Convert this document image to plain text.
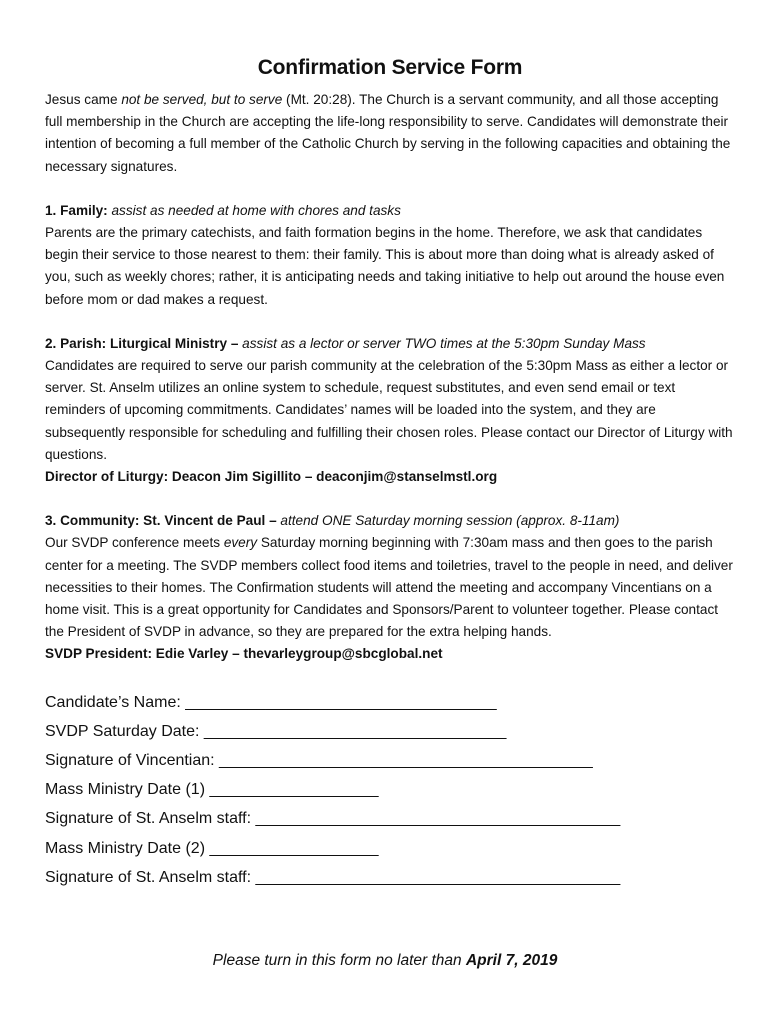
Confirmation Service Form

Jesus came not be served, but to serve (Mt. 20:28). The Church is a servant community, and all those accepting full membership in the Church are accepting the life-long responsibility to serve. Candidates will demonstrate their intention of becoming a full member of the Catholic Church by serving in the following capacities and obtaining the necessary signatures.

1. Family: assist as needed at home with chores and tasks

Parents are the primary catechists, and faith formation begins in the home. Therefore, we ask that candidates begin their service to those nearest to them: their family. This is about more than doing what is already asked of you, such as weekly chores; rather, it is anticipating needs and taking initiative to help out around the house even before mom or dad makes a request.

2. Parish: Liturgical Ministry – assist as a lector or server TWO times at the 5:30pm Sunday Mass

Candidates are required to serve our parish community at the celebration of the 5:30pm Mass as either a lector or server. St. Anselm utilizes an online system to schedule, request substitutes, and even send email or text reminders of upcoming commitments. Candidates’ names will be loaded into the system, and they are subsequently responsible for scheduling and fulfilling their chosen roles. Please contact our Director of Liturgy with questions.

Director of Liturgy: Deacon Jim Sigillito – deaconjim@stanselmstl.org

3. Community: St. Vincent de Paul – attend ONE Saturday morning session (approx. 8-11am)

Our SVDP conference meets every Saturday morning beginning with 7:30am mass and then goes to the parish center for a meeting. The SVDP members collect food items and toiletries, travel to the people in need, and deliver necessities to their homes. The Confirmation students will attend the meeting and accompany Vincentians on a home visit. This is a great opportunity for Candidates and Sponsors/Parent to volunteer together. Please contact the President of SVDP in advance, so they are prepared for the extra helping hands.

SVDP President: Edie Varley – thevarleygroup@sbcglobal.net

Candidate’s Name: ___________________________________
SVDP Saturday Date: __________________________________
Signature of Vincentian: __________________________________________
Mass Ministry Date (1) ___________________
Signature of St. Anselm staff: _________________________________________
Mass Ministry Date (2) ___________________
Signature of St. Anselm staff: _________________________________________
Please turn in this form no later than April 7, 2019
